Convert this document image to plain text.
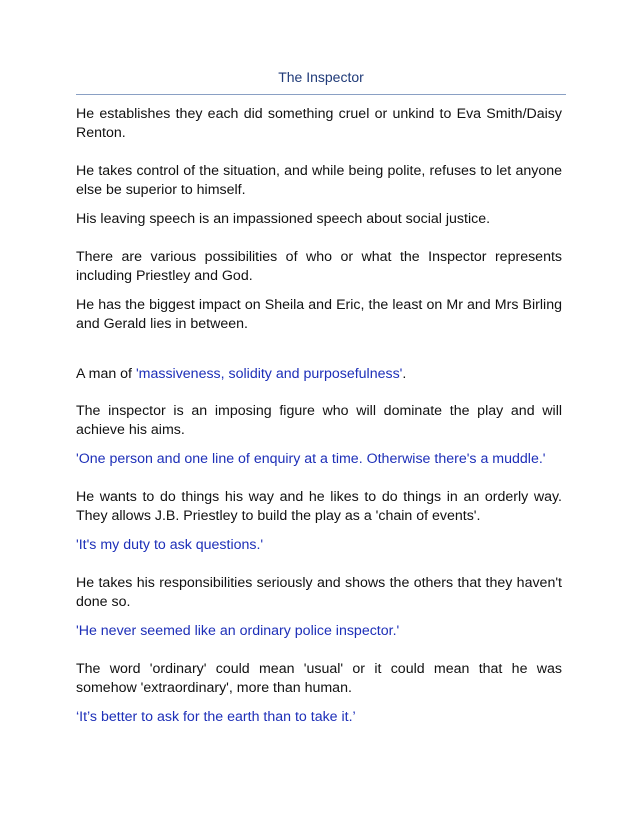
The Inspector

He establishes they each did something cruel or unkind to Eva Smith/Daisy Renton.

He takes control of the situation, and while being polite, refuses to let anyone else be superior to himself.

His leaving speech is an impassioned speech about social justice.

There are various possibilities of who or what the Inspector represents including Priestley and God.

He has the biggest impact on Sheila and Eric, the least on Mr and Mrs Birling and Gerald lies in between.

A man of 'massiveness, solidity and purposefulness'.

The inspector is an imposing figure who will dominate the play and will achieve his aims.

'One person and one line of enquiry at a time. Otherwise there's a muddle.'

He wants to do things his way and he likes to do things in an orderly way. They allows J.B. Priestley to build the play as a 'chain of events'.

'It's my duty to ask questions.'

He takes his responsibilities seriously and shows the others that they haven't done so.

'He never seemed like an ordinary police inspector.'

The word 'ordinary' could mean 'usual' or it could mean that he was somehow 'extraordinary', more than human.

‘It’s better to ask for the earth than to take it.’
